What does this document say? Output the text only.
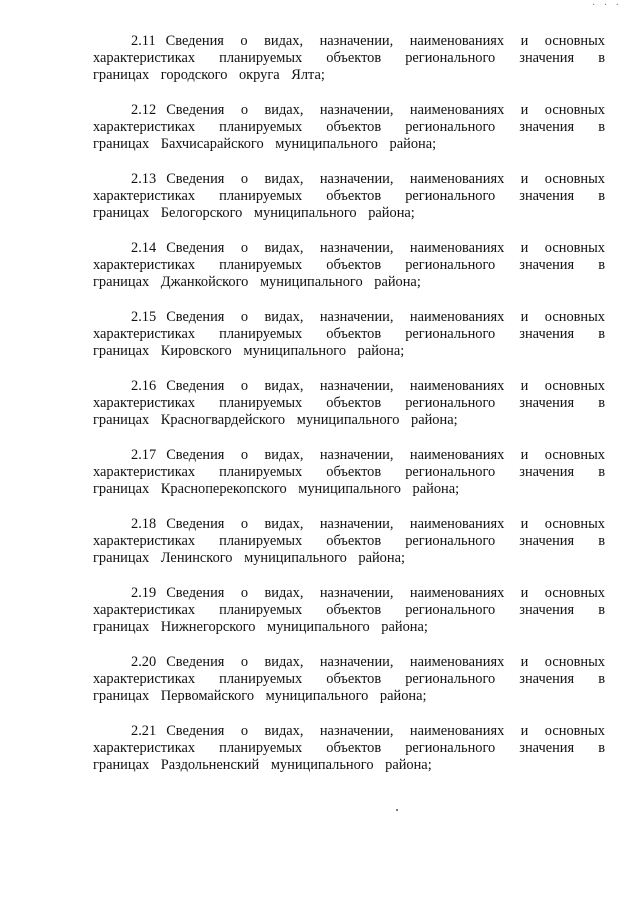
· · ·

2.11 Сведения о видах, назначении, наименованиях и основных характеристиках планируемых объектов регионального значения в границах городского округа Ялта;

2.12 Сведения о видах, назначении, наименованиях и основных характеристиках планируемых объектов регионального значения в границах Бахчисарайского муниципального района;

2.13 Сведения о видах, назначении, наименованиях и основных характеристиках планируемых объектов регионального значения в границах Белогорского муниципального района;

2.14 Сведения о видах, назначении, наименованиях и основных характеристиках планируемых объектов регионального значения в границах Джанкойского муниципального района;

2.15 Сведения о видах, назначении, наименованиях и основных характеристиках планируемых объектов регионального значения в границах Кировского муниципального района;

2.16 Сведения о видах, назначении, наименованиях и основных характеристиках планируемых объектов регионального значения в границах Красногвардейского муниципального района;

2.17 Сведения о видах, назначении, наименованиях и основных характеристиках планируемых объектов регионального значения в границах Красноперекопского муниципального района;

2.18 Сведения о видах, назначении, наименованиях и основных характеристиках планируемых объектов регионального значения в границах Ленинского муниципального района;

2.19 Сведения о видах, назначении, наименованиях и основных характеристиках планируемых объектов регионального значения в границах Нижнегорского муниципального района;

2.20 Сведения о видах, назначении, наименованиях и основных характеристиках планируемых объектов регионального значения в границах Первомайского муниципального района;

2.21 Сведения о видах, назначении, наименованиях и основных характеристиках планируемых объектов регионального значения в границах Раздольненский муниципального района;
